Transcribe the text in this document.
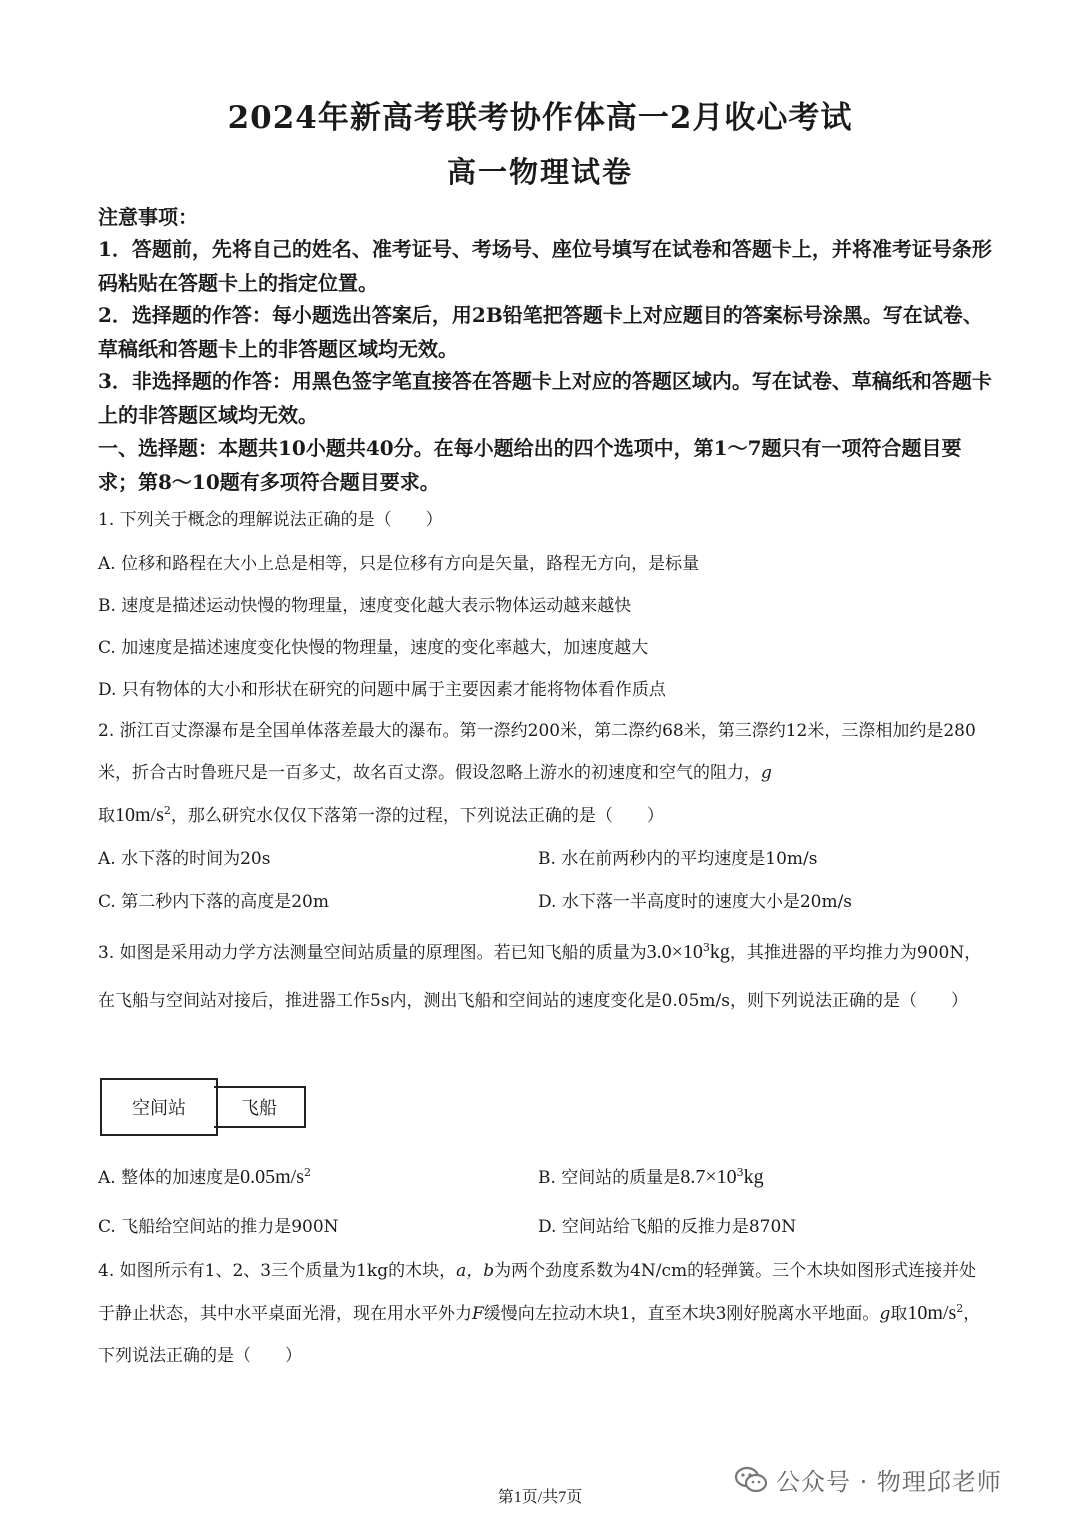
2024年新高考联考协作体高一2月收心考试
高一物理试卷

注意事项：

1．答题前，先将自己的姓名、准考证号、考场号、座位号填写在试卷和答题卡上，并将准考证号条形码粘贴在答题卡上的指定位置。

2．选择题的作答：每小题选出答案后，用2B铅笔把答题卡上对应题目的答案标号涂黑。写在试卷、草稿纸和答题卡上的非答题区域均无效。

3．非选择题的作答：用黑色签字笔直接答在答题卡上对应的答题区域内。写在试卷、草稿纸和答题卡上的非答题区域均无效。

一、选择题：本题共10小题共40分。在每小题给出的四个选项中，第1～7题只有一项符合题目要求；第8～10题有多项符合题目要求。

1. 下列关于概念的理解说法正确的是（　　）
A. 位移和路程在大小上总是相等，只是位移有方向是矢量，路程无方向，是标量
B. 速度是描述运动快慢的物理量，速度变化越大表示物体运动越来越快
C. 加速度是描述速度变化快慢的物理量，速度的变化率越大，加速度越大
D. 只有物体的大小和形状在研究的问题中属于主要因素才能将物体看作质点

2. 浙江百丈漈瀑布是全国单体落差最大的瀑布。第一漈约200米，第二漈约68米，第三漈约12米，三漈相加约是280米，折合古时鲁班尺是一百多丈，故名百丈漈。假设忽略上游水的初速度和空气的阻力，g
取$10m/s^2$，那么研究水仅仅下落第一漈的过程，下列说法正确的是（　　）

A. 水下落的时间为20s	B. 水在前两秒内的平均速度是10m/s
C. 第二秒内下落的高度是20m	D. 水下落一半高度时的速度大小是20m/s

3. 如图是采用动力学方法测量空间站质量的原理图。若已知飞船的质量为$3.0\times 10^3kg$，其推进器的平均推力为900N，在飞船与空间站对接后，推进器工作5s内，测出飞船和空间站的速度变化是0.05m/s，则下列说法正确的是（　　）

空间站	飞船
A. 整体的加速度是$0.05m/s^2$	B. 空间站的质量是$8.7\times 10^3kg$
C. 飞船给空间站的推力是900N	D. 空间站给飞船的反推力是870N

4. 如图所示有1、2、3三个质量为1kg的木块，a，b为两个劲度系数为4N/cm的轻弹簧。三个木块如图形式连接并处于静止状态，其中水平桌面光滑，现在用水平外力F缓慢向左拉动木块1，直至木块3刚好脱离水平地面。g取$10m/s^2$，下列说法正确的是（　　）

第1页/共7页
公众号 · 物理邱老师
